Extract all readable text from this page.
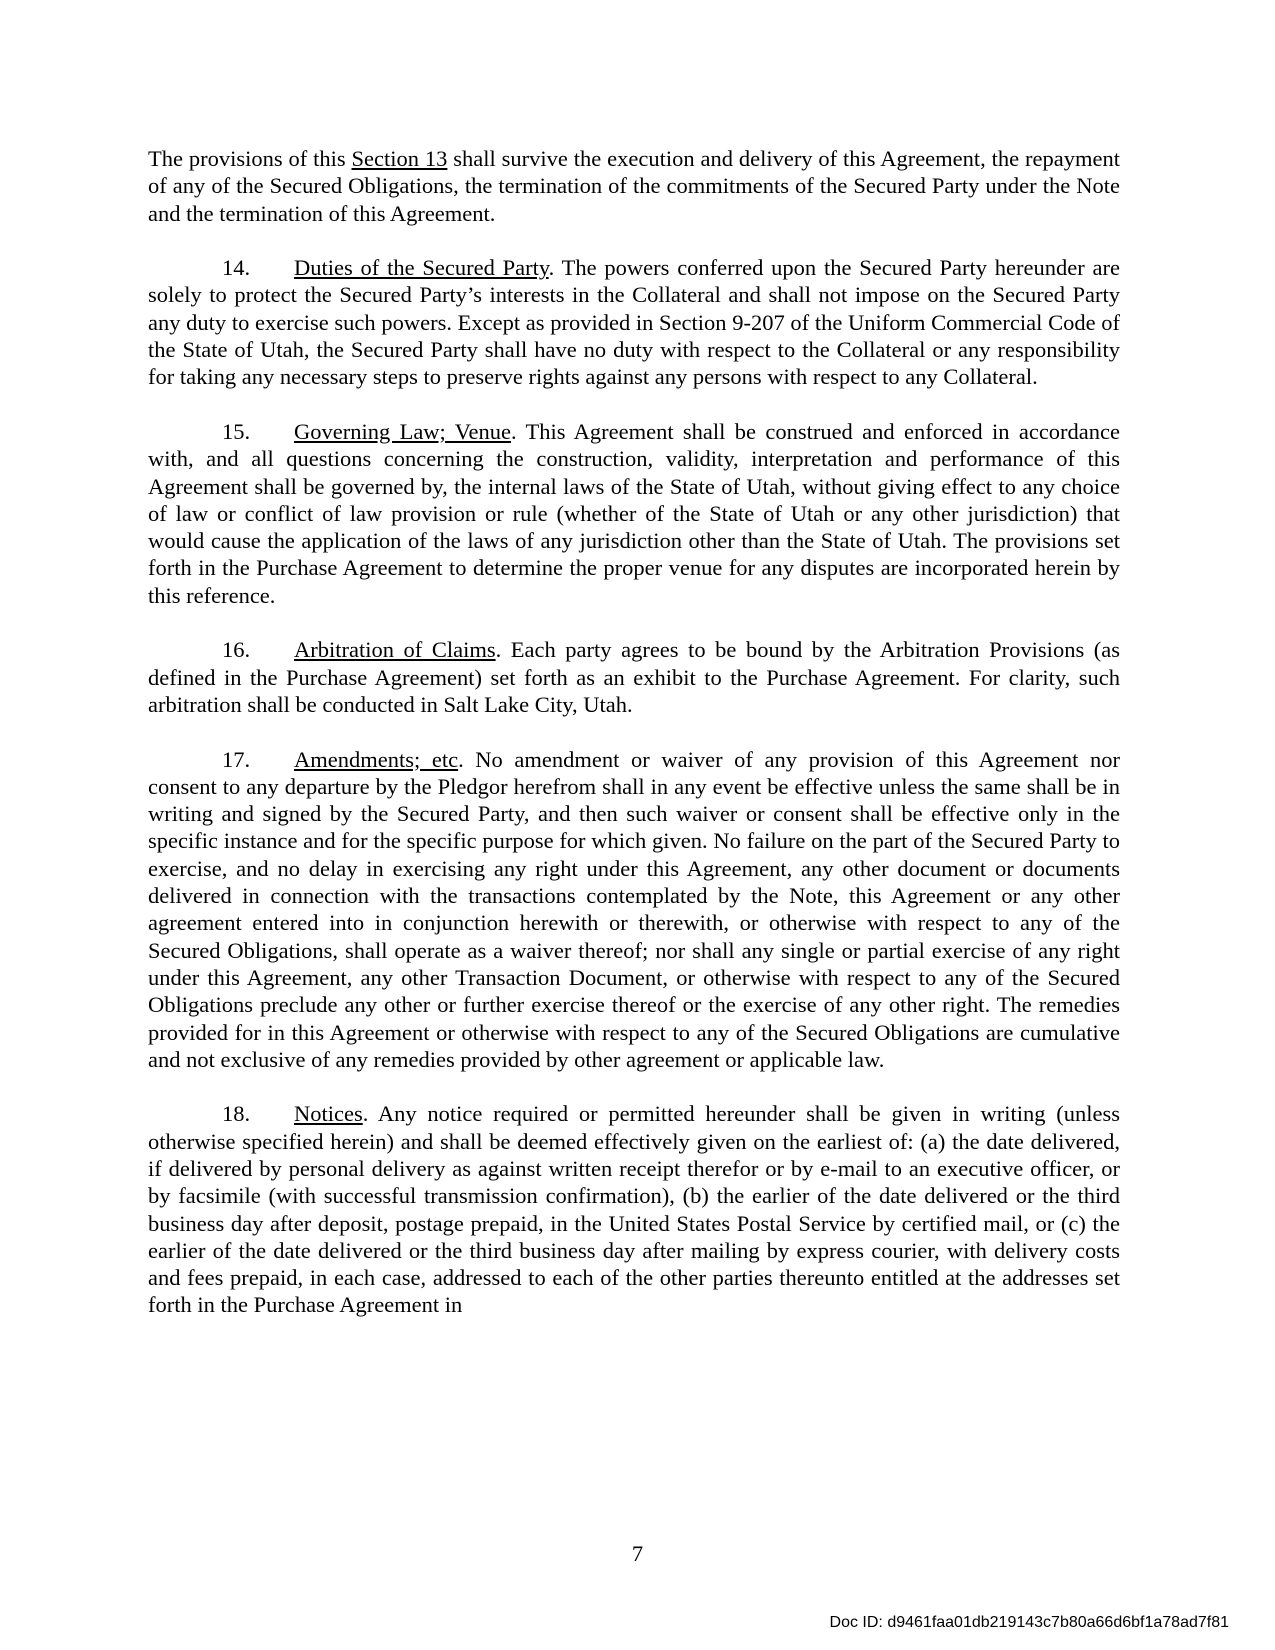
The provisions of this Section 13 shall survive the execution and delivery of this Agreement, the repayment of any of the Secured Obligations, the termination of the commitments of the Secured Party under the Note and the termination of this Agreement.

14. Duties of the Secured Party. The powers conferred upon the Secured Party hereunder are solely to protect the Secured Party’s interests in the Collateral and shall not impose on the Secured Party any duty to exercise such powers. Except as provided in Section 9-207 of the Uniform Commercial Code of the State of Utah, the Secured Party shall have no duty with respect to the Collateral or any responsibility for taking any necessary steps to preserve rights against any persons with respect to any Collateral.

15. Governing Law; Venue. This Agreement shall be construed and enforced in accordance with, and all questions concerning the construction, validity, interpretation and performance of this Agreement shall be governed by, the internal laws of the State of Utah, without giving effect to any choice of law or conflict of law provision or rule (whether of the State of Utah or any other jurisdiction) that would cause the application of the laws of any jurisdiction other than the State of Utah. The provisions set forth in the Purchase Agreement to determine the proper venue for any disputes are incorporated herein by this reference.

16. Arbitration of Claims. Each party agrees to be bound by the Arbitration Provisions (as defined in the Purchase Agreement) set forth as an exhibit to the Purchase Agreement. For clarity, such arbitration shall be conducted in Salt Lake City, Utah.

17. Amendments; etc. No amendment or waiver of any provision of this Agreement nor consent to any departure by the Pledgor herefrom shall in any event be effective unless the same shall be in writing and signed by the Secured Party, and then such waiver or consent shall be effective only in the specific instance and for the specific purpose for which given. No failure on the part of the Secured Party to exercise, and no delay in exercising any right under this Agreement, any other document or documents delivered in connection with the transactions contemplated by the Note, this Agreement or any other agreement entered into in conjunction herewith or therewith, or otherwise with respect to any of the Secured Obligations, shall operate as a waiver thereof; nor shall any single or partial exercise of any right under this Agreement, any other Transaction Document, or otherwise with respect to any of the Secured Obligations preclude any other or further exercise thereof or the exercise of any other right. The remedies provided for in this Agreement or otherwise with respect to any of the Secured Obligations are cumulative and not exclusive of any remedies provided by other agreement or applicable law.

18. Notices. Any notice required or permitted hereunder shall be given in writing (unless otherwise specified herein) and shall be deemed effectively given on the earliest of: (a) the date delivered, if delivered by personal delivery as against written receipt therefor or by e-mail to an executive officer, or by facsimile (with successful transmission confirmation), (b) the earlier of the date delivered or the third business day after deposit, postage prepaid, in the United States Postal Service by certified mail, or (c) the earlier of the date delivered or the third business day after mailing by express courier, with delivery costs and fees prepaid, in each case, addressed to each of the other parties thereunto entitled at the addresses set forth in the Purchase Agreement in

7
Doc ID: d9461faa01db219143c7b80a66d6bf1a78ad7f81
